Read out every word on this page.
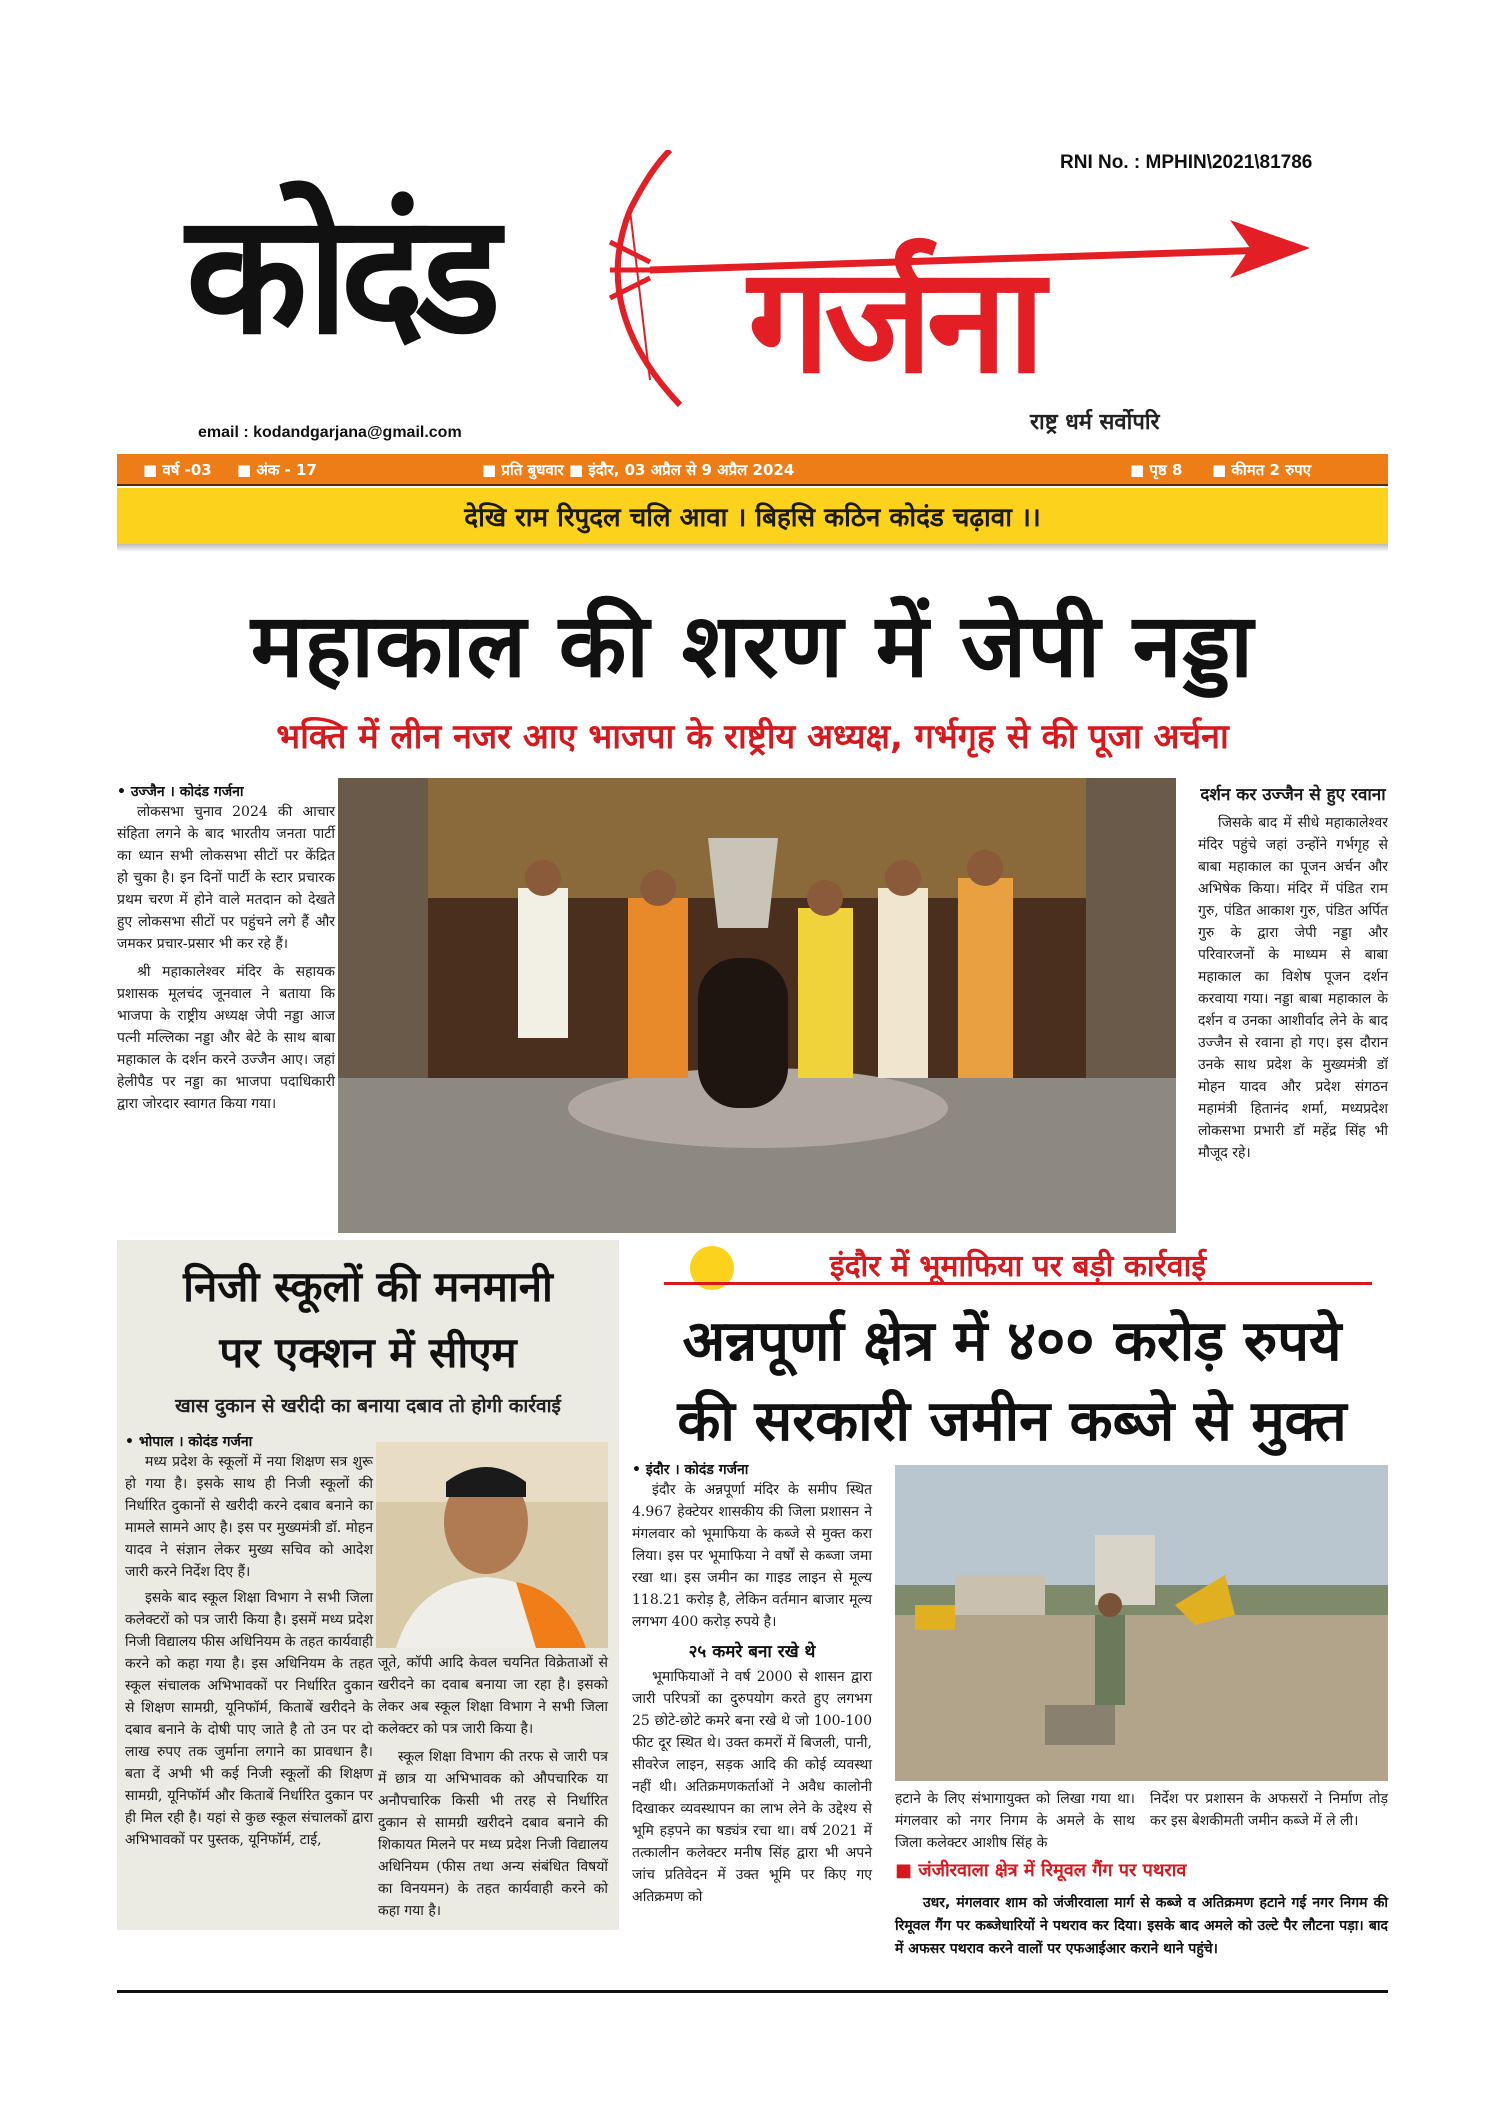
RNI No. : MPHIN\2021\81786
कोदंड गर्जना
email : kodandgarjana@gmail.com	राष्ट्र धर्म सर्वोपरि
■ वर्ष -03 ■ अंक - 17	■ प्रति बुधवार ■ इंदौर, 03 अप्रैल से 9 अप्रैल 2024	■ पृष्ठ 8 ■ कीमत 2 रुपए
देखि राम रिपुदल चलि आवा । बिहसि कठिन कोदंड चढ़ावा ।।
महाकाल की शरण में जेपी नड्डा
भक्ति में लीन नजर आए भाजपा के राष्ट्रीय अध्यक्ष, गर्भगृह से की पूजा अर्चना
• उज्जैन । कोदंड गर्जना

लोकसभा चुनाव 2024 की आचार संहिता लगने के बाद भारतीय जनता पार्टी का ध्यान सभी लोकसभा सीटों पर केंद्रित हो चुका है। इन दिनों पार्टी के स्टार प्रचारक प्रथम चरण में होने वाले मतदान को देखते हुए लोकसभा सीटों पर पहुंचने लगे हैं और जमकर प्रचार-प्रसार भी कर रहे हैं।

श्री महाकालेश्वर मंदिर के सहायक प्रशासक मूलचंद जूनवाल ने बताया कि भाजपा के राष्ट्रीय अध्यक्ष जेपी नड्डा आज पत्नी मल्लिका नड्डा और बेटे के साथ बाबा महाकाल के दर्शन करने उज्जैन आए। जहां हेलीपैड पर नड्डा का भाजपा पदाधिकारी द्वारा जोरदार स्वागत किया गया।

दर्शन कर उज्जैन से हुए रवाना

जिसके बाद में सीधे महाकालेश्वर मंदिर पहुंचे जहां उन्होंने गर्भगृह से बाबा महाकाल का पूजन अर्चन और अभिषेक किया। मंदिर में पंडित राम गुरु, पंडित आकाश गुरु, पंडित अर्पित गुरु के द्वारा जेपी नड्डा और परिवारजनों के माध्यम से बाबा महाकाल का विशेष पूजन दर्शन करवाया गया। नड्डा बाबा महाकाल के दर्शन व उनका आशीर्वाद लेने के बाद उज्जैन से रवाना हो गए। इस दौरान उनके साथ प्रदेश के मुख्यमंत्री डॉ मोहन यादव और प्रदेश संगठन महामंत्री हितानंद शर्मा, मध्यप्रदेश लोकसभा प्रभारी डॉ महेंद्र सिंह भी मौजूद रहे।

निजी स्कूलों की मनमानी
पर एक्शन में सीएम
खास दुकान से खरीदी का बनाया दबाव तो होगी कार्रवाई
• भोपाल । कोदंड गर्जना

मध्य प्रदेश के स्कूलों में नया शिक्षण सत्र शुरू हो गया है। इसके साथ ही निजी स्कूलों की निर्धारित दुकानों से खरीदी करने दबाव बनाने का मामले सामने आए है। इस पर मुख्यमंत्री डॉ. मोहन यादव ने संज्ञान लेकर मुख्य सचिव को आदेश जारी करने निर्देश दिए हैं।

इसके बाद स्कूल शिक्षा विभाग ने सभी जिला कलेक्टरों को पत्र जारी किया है। इसमें मध्य प्रदेश निजी विद्यालय फीस अधिनियम के तहत कार्यवाही करने को कहा गया है। इस अधिनियम के तहत स्कूल संचालक अभिभावकों पर निर्धारित दुकान से शिक्षण सामग्री, यूनिफॉर्म, किताबें खरीदने के दबाव बनाने के दोषी पाए जाते है तो उन पर दो लाख रुपए तक जुर्माना लगाने का प्रावधान है। बता दें अभी भी कई निजी स्कूलों की शिक्षण सामग्री, यूनिफॉर्म और किताबें निर्धारित दुकान पर ही मिल रही है। यहां से कुछ स्कूल संचालकों द्वारा अभिभावकों पर पुस्तक, यूनिफॉर्म, टाई,

जूते, कॉपी आदि केवल चयनित विक्रेताओं से खरीदने का दवाब बनाया जा रहा है। इसको लेकर अब स्कूल शिक्षा विभाग ने सभी जिला कलेक्टर को पत्र जारी किया है।

स्कूल शिक्षा विभाग की तरफ से जारी पत्र में छात्र या अभिभावक को औपचारिक या अनौपचारिक किसी भी तरह से निर्धारित दुकान से सामग्री खरीदने दबाव बनाने की शिकायत मिलने पर मध्य प्रदेश निजी विद्यालय अधिनियम (फीस तथा अन्य संबंधित विषयों का विनयमन) के तहत कार्यवाही करने को कहा गया है।

इंदौर में भूमाफिया पर बड़ी कार्रवाई
अन्नपूर्णा क्षेत्र में ४०० करोड़ रुपये
की सरकारी जमीन कब्जे से मुक्त
• इंदौर । कोदंड गर्जना

इंदौर के अन्नपूर्णा मंदिर के समीप स्थित 4.967 हेक्टेयर शासकीय की जिला प्रशासन ने मंगलवार को भूमाफिया के कब्जे से मुक्त करा लिया। इस पर भूमाफिया ने वर्षों से कब्जा जमा रखा था। इस जमीन का गाइड लाइन से मूल्य 118.21 करोड़ है, लेकिन वर्तमान बाजार मूल्य लगभग 400 करोड़ रुपये है।

२५ कमरे बना रखे थे

भूमाफियाओं ने वर्ष 2000 से शासन द्वारा जारी परिपत्रों का दुरुपयोग करते हुए लगभग 25 छोटे-छोटे कमरे बना रखे थे जो 100-100 फीट दूर स्थित थे। उक्त कमरों में बिजली, पानी, सीवरेज लाइन, सड़क आदि की कोई व्यवस्था नहीं थी। अतिक्रमणकर्ताओं ने अवैध कालोनी दिखाकर व्यवस्थापन का लाभ लेने के उद्देश्य से भूमि हड़पने का षड्यंत्र रचा था। वर्ष 2021 में तत्कालीन कलेक्टर मनीष सिंह द्वारा भी अपने जांच प्रतिवेदन में उक्त भूमि पर किए गए अतिक्रमण को

हटाने के लिए संभागायुक्त को लिखा गया था। मंगलवार को नगर निगम के अमले के साथ जिला कलेक्टर आशीष सिंह के
निर्देश पर प्रशासन के अफसरों ने निर्माण तोड़ कर इस बेशकीमती जमीन कब्जे में ले ली।
■ जंजीरवाला क्षेत्र में रिमूवल गैंग पर पथराव
उधर, मंगलवार शाम को जंजीरवाला मार्ग से कब्जे व अतिक्रमण हटाने गई नगर निगम की रिमूवल गैंग पर कब्जेधारियों ने पथराव कर दिया। इसके बाद अमले को उल्टे पैर लौटना पड़ा। बाद में अफसर पथराव करने वालों पर एफआईआर कराने थाने पहुंचे।
